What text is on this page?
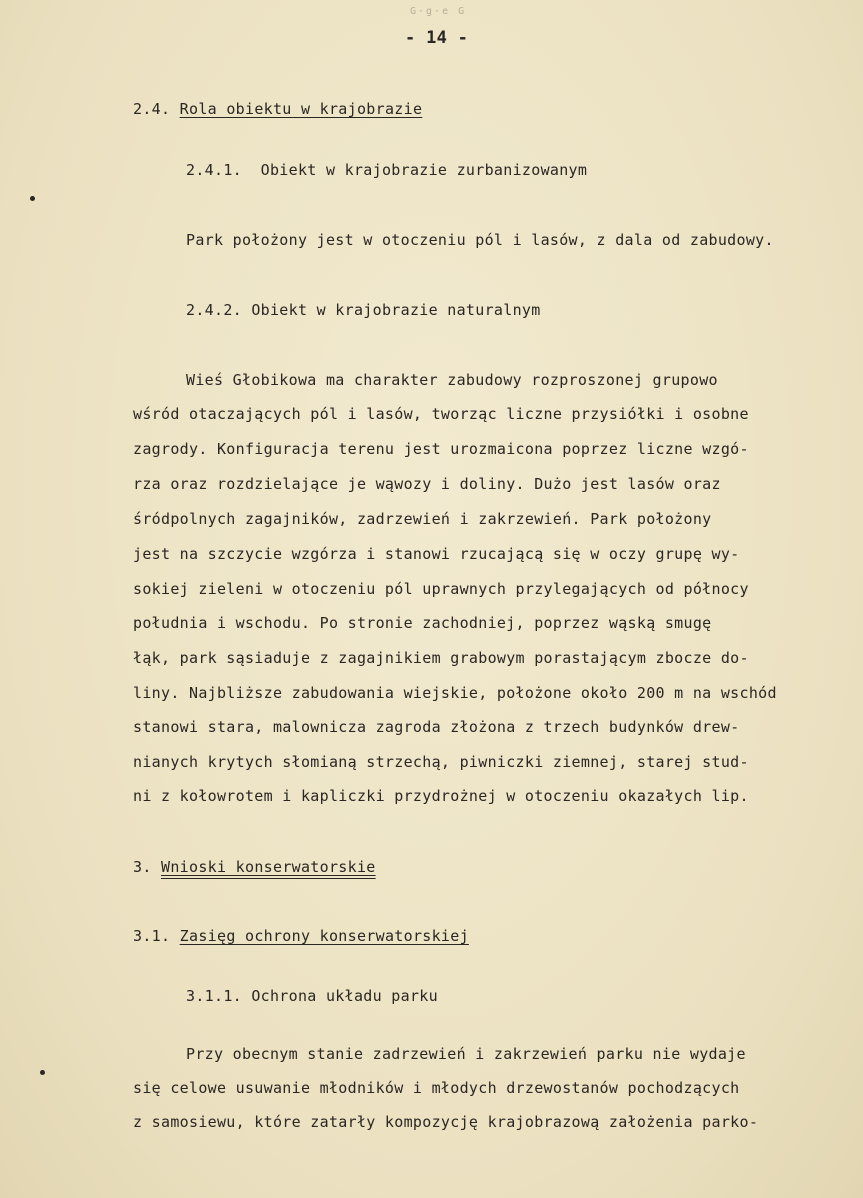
G·g·e G
- 14 -
2.4. Rola obiektu w krajobrazie
2.4.1.  Obiekt w krajobrazie zurbanizowanym
Park położony jest w otoczeniu pól i lasów, z dala od zabudowy.
2.4.2. Obiekt w krajobrazie naturalnym
Wieś Głobikowa ma charakter zabudowy rozproszonej grupowo
wśród otaczających pól i lasów, tworząc liczne przysiółki i osobne
zagrody. Konfiguracja terenu jest urozmaicona poprzez liczne wzgó-
rza oraz rozdzielające je wąwozy i doliny. Dużo jest lasów oraz
śródpolnych zagajników, zadrzewień i zakrzewień. Park położony
jest na szczycie wzgórza i stanowi rzucającą się w oczy grupę wy-
sokiej zieleni w otoczeniu pól uprawnych przylegających od północy
południa i wschodu. Po stronie zachodniej, poprzez wąską smugę
łąk, park sąsiaduje z zagajnikiem grabowym porastającym zbocze do-
liny. Najbliższe zabudowania wiejskie, położone około 200 m na wschód
stanowi stara, malownicza zagroda złożona z trzech budynków drew-
nianych krytych słomianą strzechą, piwniczki ziemnej, starej stud-
ni z kołowrotem i kapliczki przydrożnej w otoczeniu okazałych lip.
3. Wnioski konserwatorskie
3.1. Zasięg ochrony konserwatorskiej
3.1.1. Ochrona układu parku
Przy obecnym stanie zadrzewień i zakrzewień parku nie wydaje
się celowe usuwanie młodników i młodych drzewostanów pochodzących
z samosiewu, które zatarły kompozycję krajobrazową założenia parko-
